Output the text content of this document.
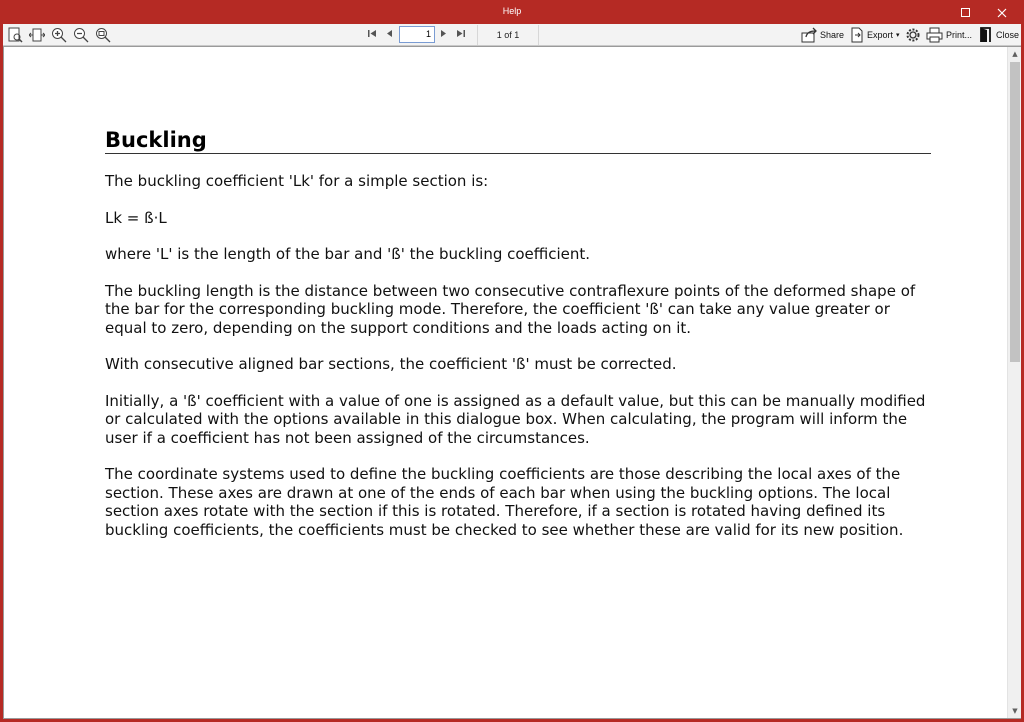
Help
1	1 of 1	Share	Export ▾	Print...	Close
Buckling

The buckling coefficient 'Lk' for a simple section is:

Lk = ß·L

where 'L' is the length of the bar and 'ß' the buckling coefficient.

The buckling length is the distance between two consecutive contraflexure points of the deformed shape of the bar for the corresponding buckling mode. Therefore, the coefficient 'ß' can take any value greater or equal to zero, depending on the support conditions and the loads acting on it.

With consecutive aligned bar sections, the coefficient 'ß' must be corrected.

Initially, a 'ß' coefficient with a value of one is assigned as a default value, but this can be manually modified or calculated with the options available in this dialogue box. When calculating, the program will inform the user if a coefficient has not been assigned of the circumstances.

The coordinate systems used to define the buckling coefficients are those describing the local axes of the section. These axes are drawn at one of the ends of each bar when using the buckling options. The local section axes rotate with the section if this is rotated. Therefore, if a section is rotated having defined its buckling coefficients, the coefficients must be checked to see whether these are valid for its new position.

▲
▼
